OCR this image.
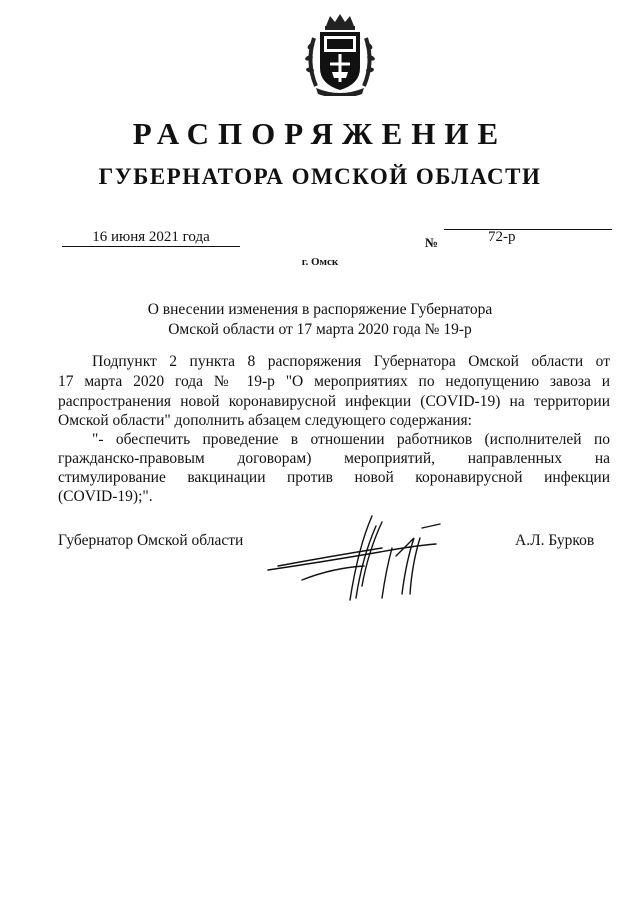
РАСПОРЯЖЕНИЕ
ГУБЕРНАТОРА ОМСКОЙ ОБЛАСТИ
16 июня 2021 года	№	72-р
г. Омск
О внесении изменения в распоряжение Губернатора
Омской области от 17 марта 2020 года № 19-р
Подпункт 2 пункта 8 распоряжения Губернатора Омской области от
17 марта 2020 года № 19-р "О мероприятиях по недопущению завоза и
распространения новой коронавирусной инфекции (COVID-19) на территории
Омской области" дополнить абзацем следующего содержания:
"- обеспечить проведение в отношении работников (исполнителей по
гражданско-правовым договорам) мероприятий, направленных на
стимулирование вакцинации против новой коронавирусной инфекции
(COVID-19);".
Губернатор Омской области	А.Л. Бурков
